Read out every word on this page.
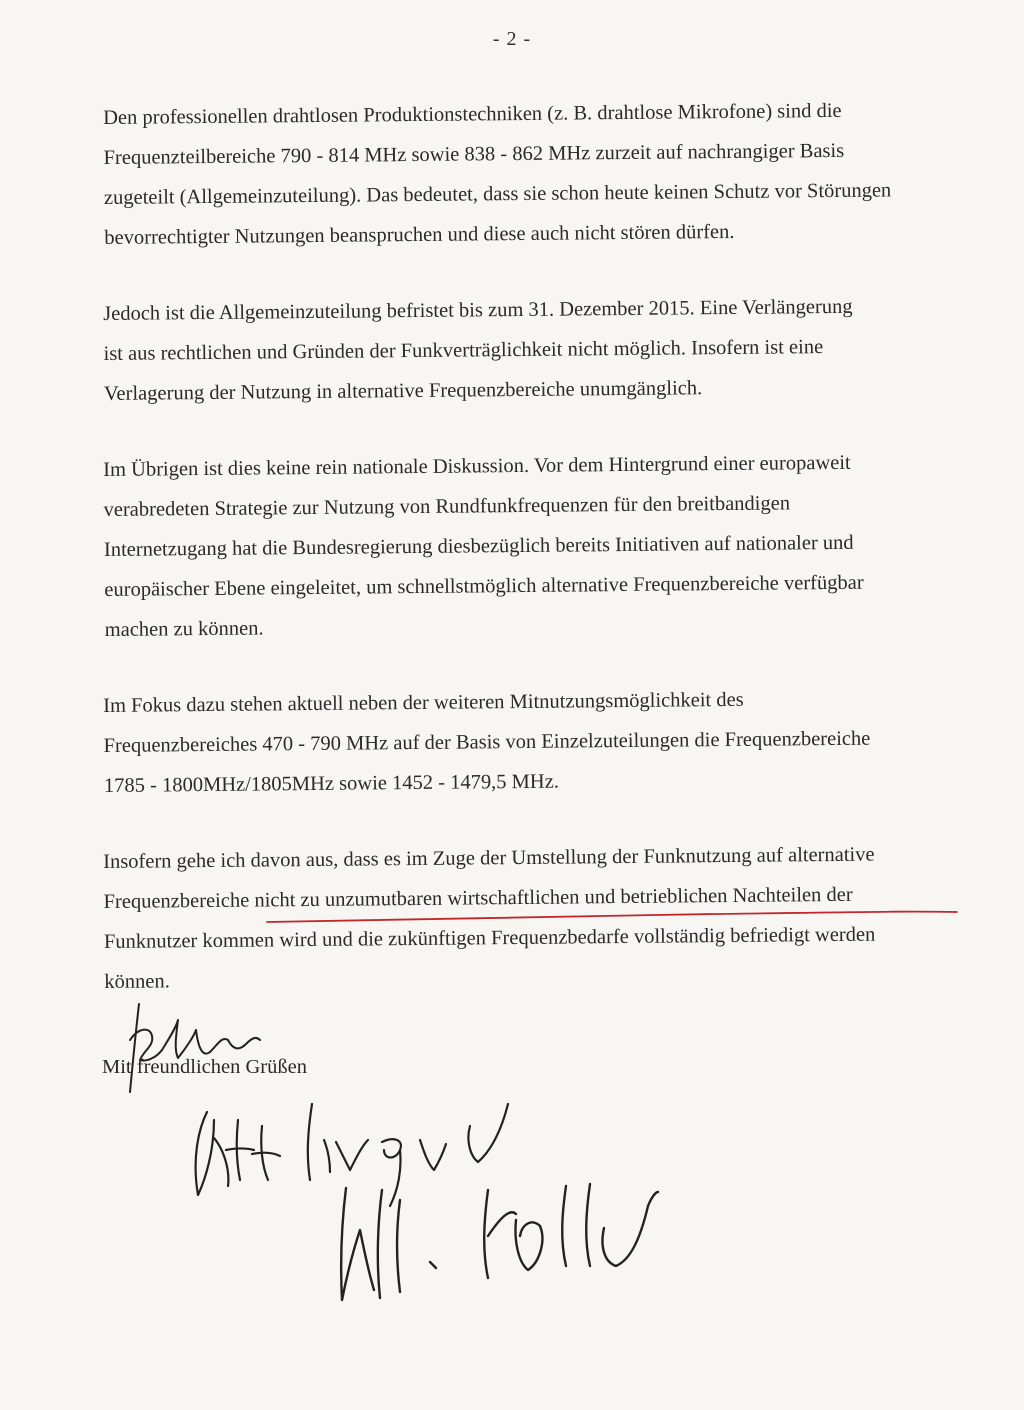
- 2 -

Den professionellen drahtlosen Produktionstechniken (z. B. drahtlose Mikrofone) sind die
Frequenzteilbereiche 790 - 814 MHz sowie 838 - 862 MHz zurzeit auf nachrangiger Basis
zugeteilt (Allgemeinzuteilung). Das bedeutet, dass sie schon heute keinen Schutz vor Störungen
bevorrechtigter Nutzungen beanspruchen und diese auch nicht stören dürfen.

Jedoch ist die Allgemeinzuteilung befristet bis zum 31. Dezember 2015. Eine Verlängerung
ist aus rechtlichen und Gründen der Funkverträglichkeit nicht möglich. Insofern ist eine
Verlagerung der Nutzung in alternative Frequenzbereiche unumgänglich.

Im Übrigen ist dies keine rein nationale Diskussion. Vor dem Hintergrund einer europaweit
verabredeten Strategie zur Nutzung von Rundfunkfrequenzen für den breitbandigen
Internetzugang hat die Bundesregierung diesbezüglich bereits Initiativen auf nationaler und
europäischer Ebene eingeleitet, um schnellstmöglich alternative Frequenzbereiche verfügbar
machen zu können.

Im Fokus dazu stehen aktuell neben der weiteren Mitnutzungsmöglichkeit des
Frequenzbereiches 470 - 790 MHz auf der Basis von Einzelzuteilungen die Frequenzbereiche
1785 - 1800MHz/1805MHz sowie 1452 - 1479,5 MHz.

Insofern gehe ich davon aus, dass es im Zuge der Umstellung der Funknutzung auf alternative
Frequenzbereiche nicht zu unzumutbaren wirtschaftlichen und betrieblichen Nachteilen der
Funknutzer kommen wird und die zukünftigen Frequenzbedarfe vollständig befriedigt werden
können.

Mit freundlichen Grüßen
